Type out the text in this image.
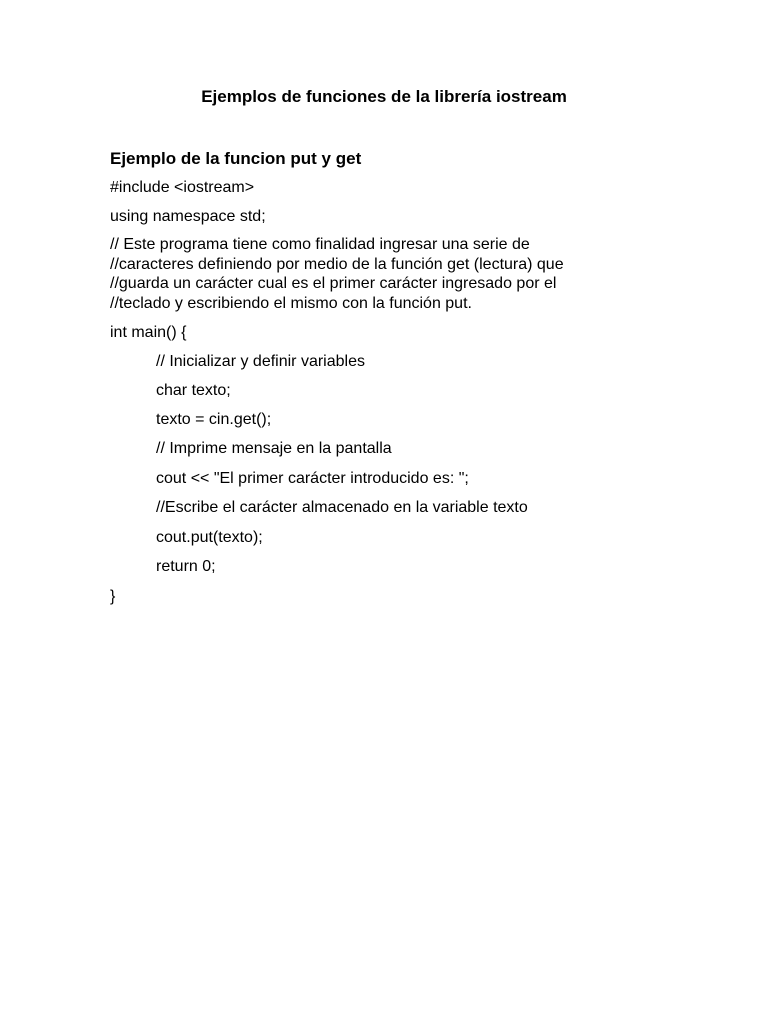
Ejemplos de funciones de la librería iostream
Ejemplo de la funcion put y get
#include <iostream>
using namespace std;
// Este programa tiene como finalidad ingresar una serie de
//caracteres definiendo por medio de la función get (lectura) que
//guarda un carácter cual es el primer carácter ingresado por el
//teclado y escribiendo el mismo con la función put.
int main() {
// Inicializar y definir variables
char texto;
texto = cin.get();
// Imprime mensaje en la pantalla
cout << "El primer carácter introducido es: ";
//Escribe el carácter almacenado en la variable texto
cout.put(texto);
return 0;
}
